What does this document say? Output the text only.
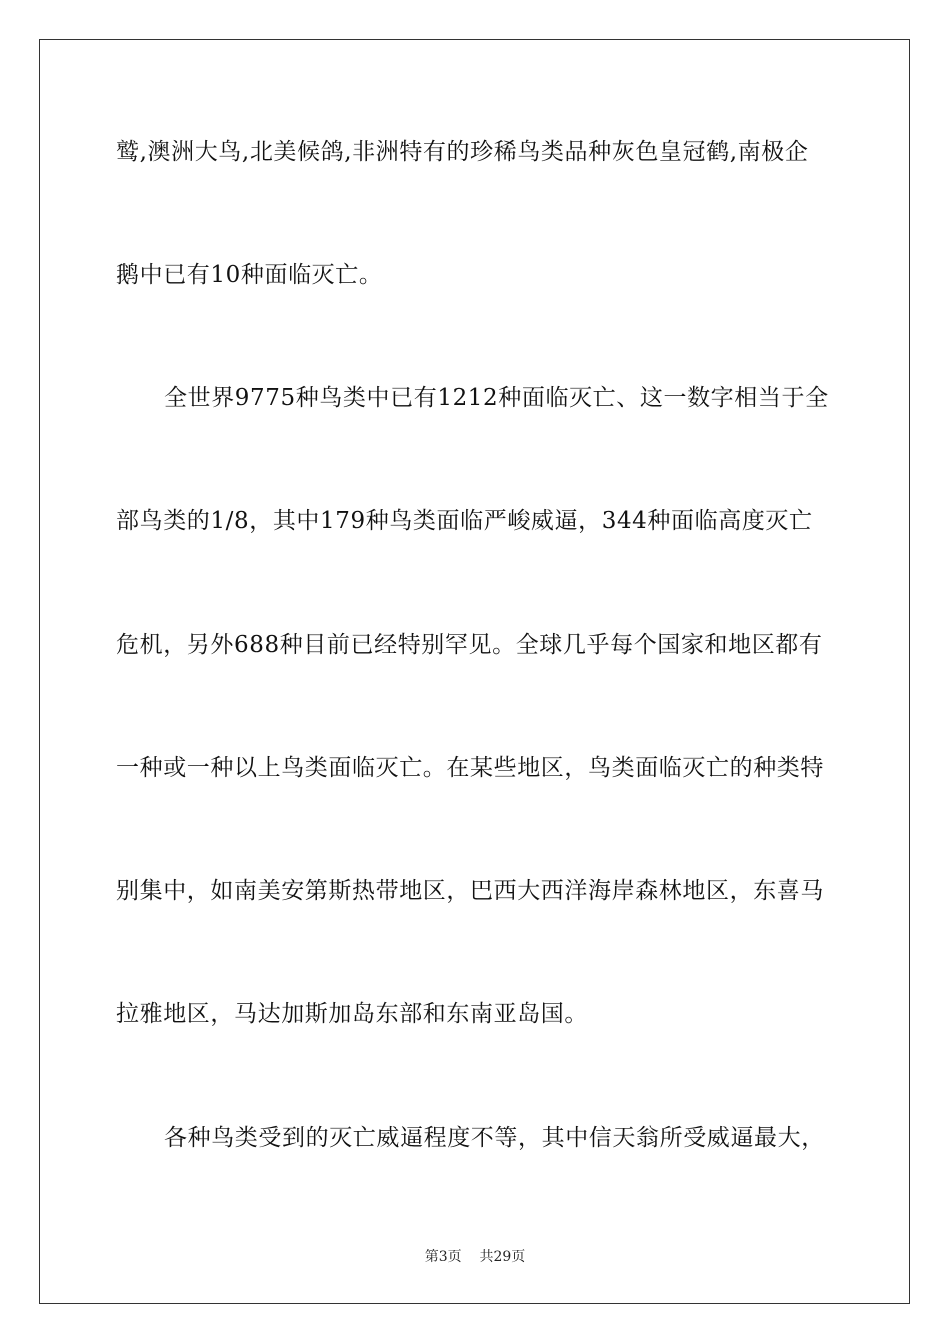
鹫,澳洲大鸟,北美候鸽,非洲特有的珍稀鸟类品种灰色皇冠鹤,南极企
鹅中已有10种面临灭亡。
全世界9775种鸟类中已有1212种面临灭亡、这一数字相当于全
部鸟类的1/8，其中179种鸟类面临严峻威逼，344种面临高度灭亡
危机，另外688种目前已经特别罕见。全球几乎每个国家和地区都有
一种或一种以上鸟类面临灭亡。在某些地区，鸟类面临灭亡的种类特
别集中，如南美安第斯热带地区，巴西大西洋海岸森林地区，东喜马
拉雅地区，马达加斯加岛东部和东南亚岛国。
各种鸟类受到的灭亡威逼程度不等，其中信天翁所受威逼最大，
第3页    共29页
